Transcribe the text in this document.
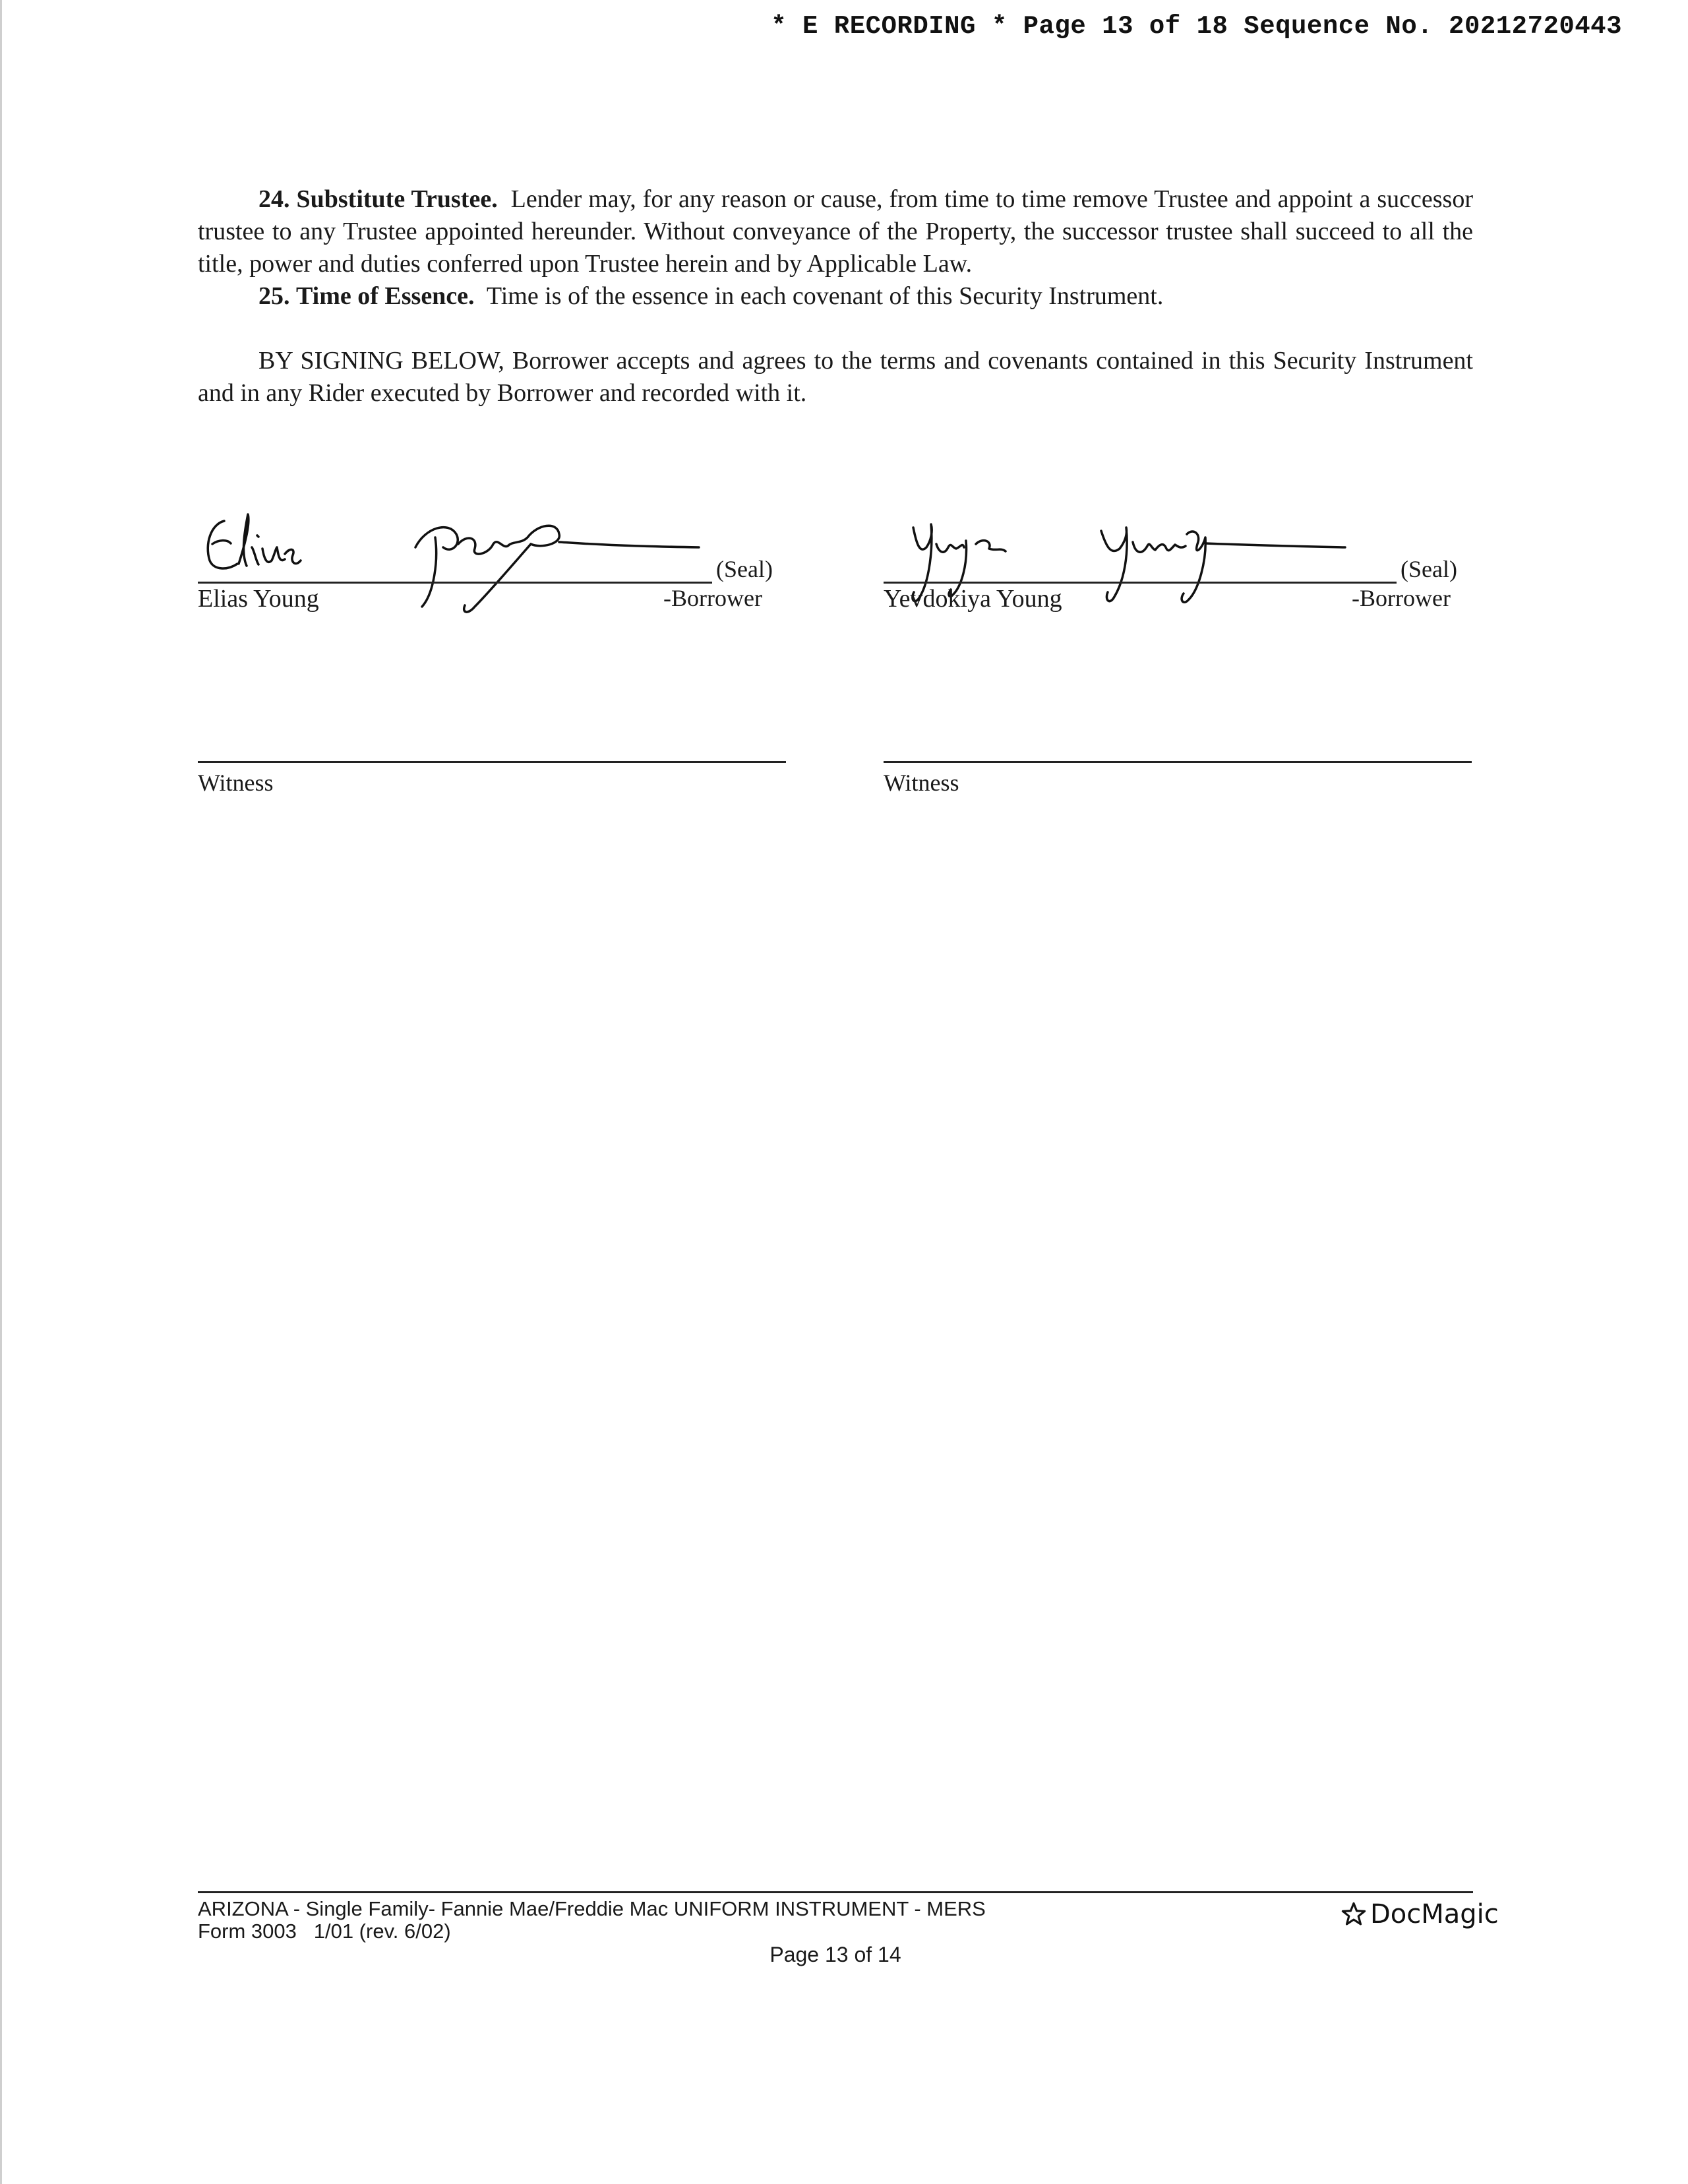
* E RECORDING * Page 13 of 18 Sequence No. 20212720443

24. Substitute Trustee. Lender may, for any reason or cause, from time to time remove Trustee and appoint a successor trustee to any Trustee appointed hereunder. Without conveyance of the Property, the successor trustee shall succeed to all the title, power and duties conferred upon Trustee herein and by Applicable Law.

25. Time of Essence. Time is of the essence in each covenant of this Security Instrument.

BY SIGNING BELOW, Borrower accepts and agrees to the terms and covenants contained in this Security Instrument and in any Rider executed by Borrower and recorded with it.

(Seal)
Elias Young	-Borrower
(Seal)
Yevdokiya Young	-Borrower
Witness	Witness
ARIZONA - Single Family- Fannie Mae/Freddie Mac UNIFORM INSTRUMENT - MERS
Form 3003   1/01 (rev. 6/02)
Page 13 of 14
DocMagic
